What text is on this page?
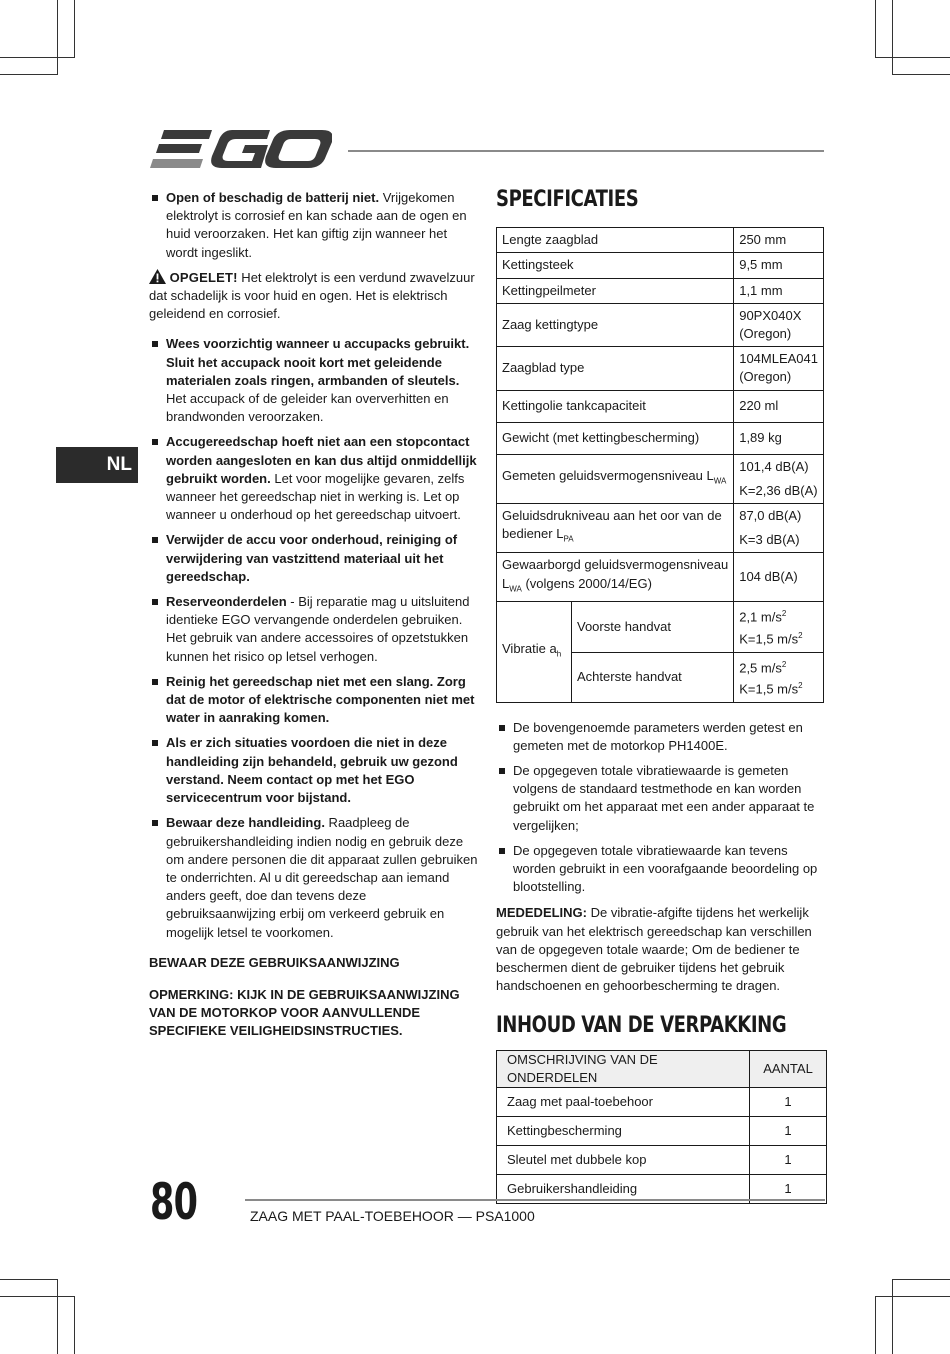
NL
Open of beschadig de batterij niet. Vrijgekomen elektrolyt is corrosief en kan schade aan de ogen en huid veroorzaken. Het kan giftig zijn wanneer het wordt ingeslikt.
OPGELET! Het elektrolyt is een verdund zwavelzuur dat schadelijk is voor huid en ogen. Het is elektrisch geleidend en corrosief.
Wees voorzichtig wanneer u accupacks gebruikt. Sluit het accupack nooit kort met geleidende materialen zoals ringen, armbanden of sleutels. Het accupack of de geleider kan oververhitten en brandwonden veroorzaken.
Accugereedschap hoeft niet aan een stopcontact worden aangesloten en kan dus altijd onmiddellijk gebruikt worden. Let voor mogelijke gevaren, zelfs wanneer het gereedschap niet in werking is. Let op wanneer u onderhoud op het gereedschap uitvoert.
Verwijder de accu voor onderhoud, reiniging of verwijdering van vastzittend materiaal uit het gereedschap.
Reserveonderdelen - Bij reparatie mag u uitsluitend identieke EGO vervangende onderdelen gebruiken. Het gebruik van andere accessoires of opzetstukken kunnen het risico op letsel verhogen.
Reinig het gereedschap niet met een slang. Zorg dat de motor of elektrische componenten niet met water in aanraking komen.
Als er zich situaties voordoen die niet in deze handleiding zijn behandeld, gebruik uw gezond verstand. Neem contact op met het EGO servicecentrum voor bijstand.
Bewaar deze handleiding. Raadpleeg de gebruikershandleiding indien nodig en gebruik deze om andere personen die dit apparaat zullen gebruiken te onderrichten. Al u dit gereedschap aan iemand anders geeft, doe dan tevens deze gebruiksaanwijzing erbij om verkeerd gebruik en mogelijk letsel te voorkomen.
BEWAAR DEZE GEBRUIKSAANWIJZING
OPMERKING: KIJK IN DE GEBRUIKSAANWIJZING VAN DE MOTORKOP VOOR AANVULLENDE SPECIFIEKE VEILIGHEIDSINSTRUCTIES.
SPECIFICATIES
Lengte zaagblad		250 mm
Kettingsteek		9,5 mm
Kettingpeilmeter		1,1 mm
Zaag kettingtype		90PX040X
(Oregon)

Zaagblad type		104MLEA041
(Oregon)

Kettingolie tankcapaciteit		220 ml
Gewicht (met kettingbescherming)		1,89 kg
Gemeten geluidsvermogensniveau $L_{WA}$		101,4 dB(A)
K=2,36 dB(A)

Geluidsdrukniveau aan het oor van de bediener $L_{PA}$		87,0 dB(A)
K=3 dB(A)

Gewaarborgd geluidsvermogensniveau $L_{WA}$ (volgens 2000/14/EG)		104 dB(A)
Vibratie $a_h$	Voorste handvat	2,1 $m/s^2$
K=1,5 $m/s^2$

	Achterste handvat	2,5 $m/s^2$
K=1,5 $m/s^2$
De bovengenoemde parameters werden getest en gemeten met de motorkop PH1400E.
De opgegeven totale vibratiewaarde is gemeten volgens de standaard testmethode en kan worden gebruikt om het apparaat met een ander apparaat te vergelijken;
De opgegeven totale vibratiewaarde kan tevens worden gebruikt in een voorafgaande beoordeling op blootstelling.
MEDEDELING: De vibratie-afgifte tijdens het werkelijk gebruik van het elektrisch gereedschap kan verschillen van de opgegeven totale waarde; Om de bediener te beschermen dient de gebruiker tijdens het gebruik handschoenen en gehoorbescherming te dragen.
INHOUD VAN DE VERPAKKING
OMSCHRIJVING VAN DE ONDERDELEN	AANTAL
Zaag met paal-toebehoor	1
Kettingbescherming	1
Sleutel met dubbele kop	1
Gebruikershandleiding	1
80	ZAAG MET PAAL-TOEBEHOOR — PSA1000
